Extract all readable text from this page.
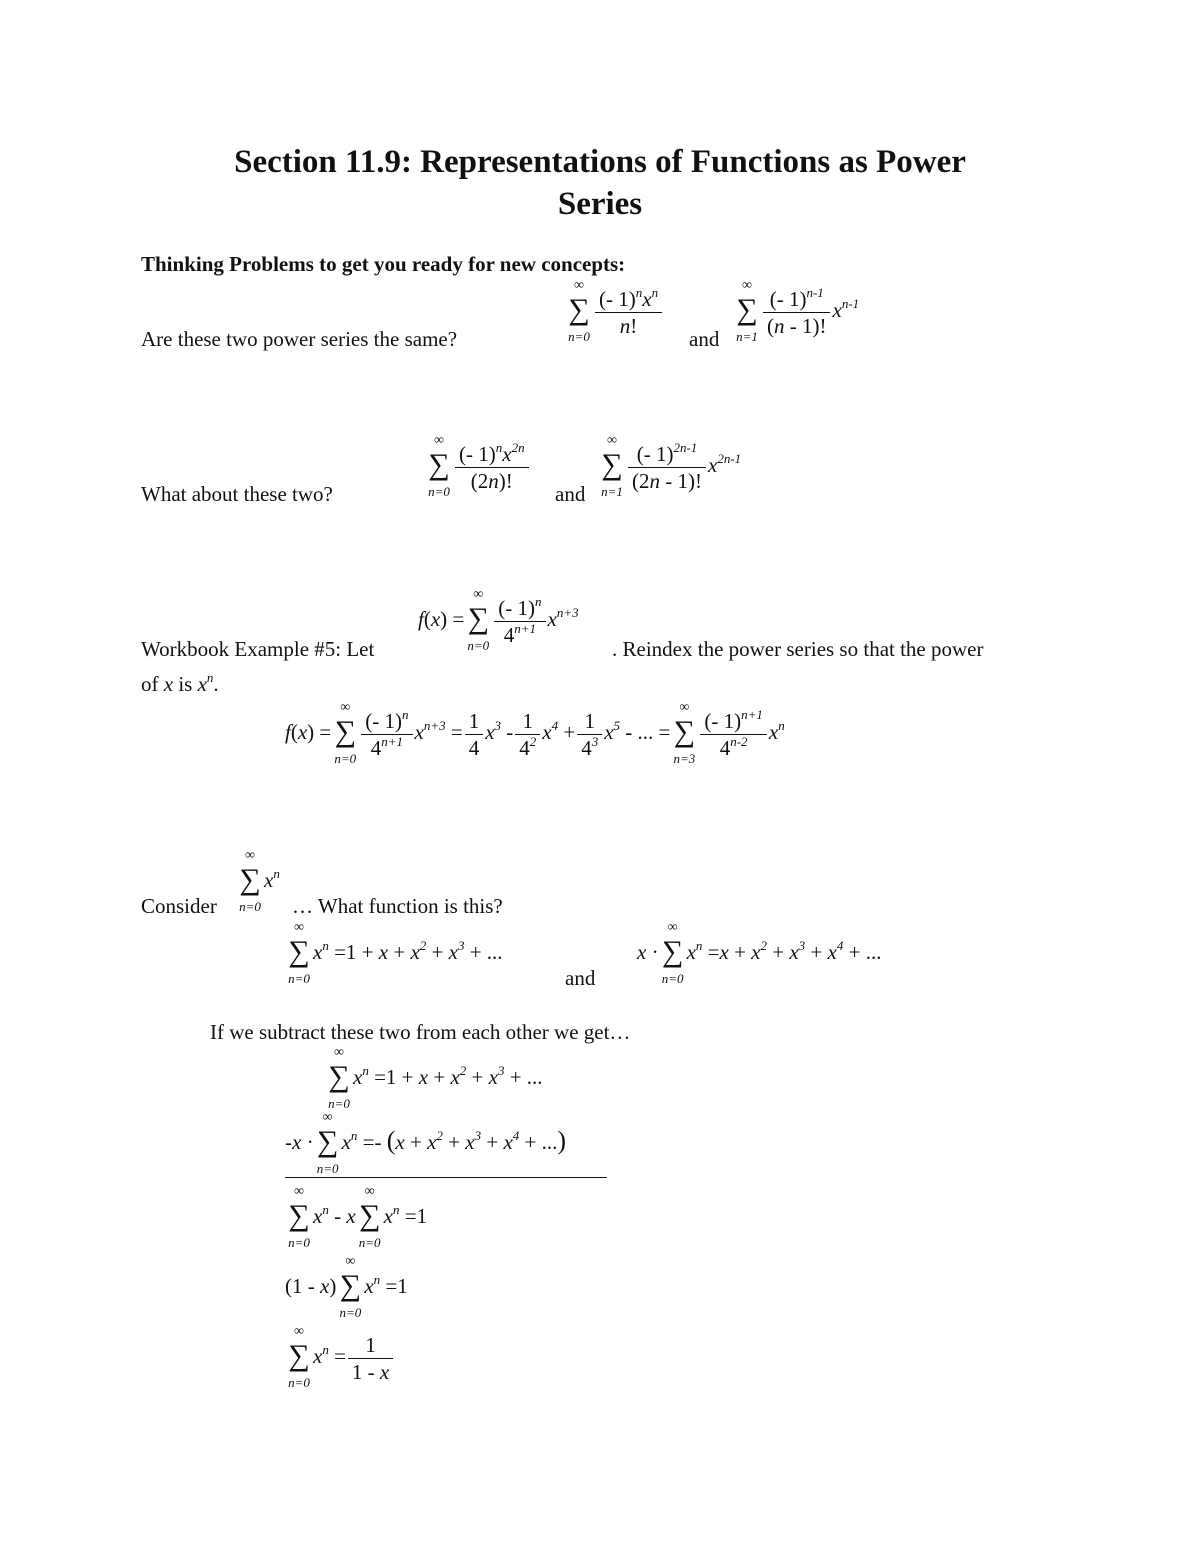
Section 11.9: Representations of Functions as Power
Series
Thinking Problems to get you ready for new concepts:
Are these two power series the same?
∞
∑
$n=0 \frac{(- 1)^nx^n}{n!}$
and
∞
∑
$n=1 \frac{(- 1)^{n-1}}{(n - 1)!} x^{n-1}$
What about these two?
∞
∑
$n=0 \frac{(- 1)^nx^{2n}}{(2n)!}$
and
∞
∑
$n=1 \frac{(- 1)^{2n-1}}{(2n - 1)!} x^{2n-1}$
Workbook Example #5: Let
f(x) =
∞
∑
$n=0 \frac{(- 1)^n}{4^{n+1}} x^{n+3}$
. Reindex the power series so that the power
of x is $x^n$.
f(x) =
∞
∑
$n=0 \frac{(- 1)^n}{4^{n+1}} x^{n+3} = \frac{1}{4} x^3 - \frac{1}{4^2} x^4 + \frac{1}{4^3} x^5$ - ... =
∞
∑
$n=3 \frac{(- 1)^{n+1}}{4^{n-2}} x^n$
Consider
∞
∑
n=0
$x^n$
… What function is this?
∞
∑
n=0
$x^n =1 + x + x^2 + x^3$ + ...
and
x ·
∞
∑
n=0
$x^n =x + x^2 + x^3 + x^4$ + ...
If we subtract these two from each other we get…
∞
∑
n=0
$x^n =1 + x + x^2 + x^3$ + ...
-x ·
∞
∑
n=0
$x^n =- (x + x^2 + x^3 + x^4$ + ...)
∞
∑
n=0
$x^n$ - x
∞
∑
n=0
$x^n =1$
(1 - x)
∞
∑
n=0
$x^n =1$
∞
∑
n=0
$x^n = \frac{1}{1 - x}$
